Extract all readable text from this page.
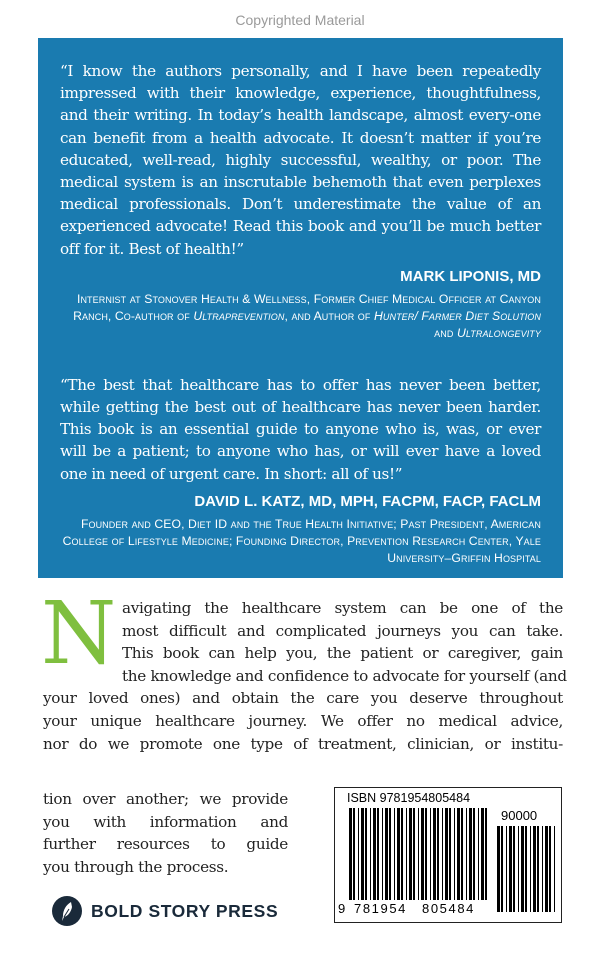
Copyrighted Material

“I know the authors personally, and I have been repeatedly impressed with their knowledge, experience, thoughtfulness, and their writing. In today’s health landscape, almost every-one can benefit from a health advocate. It doesn’t matter if you’re educated, well-read, highly successful, wealthy, or poor. The medical system is an inscrutable behemoth that even perplexes medical professionals. Don’t underestimate the value of an experienced advocate! Read this book and you’ll be much better off for it. Best of health!”

MARK LIPONIS, MD
Internist at Stonover Health & Wellness, Former Chief Medical Officer at Canyon Ranch, Co-author of Ultraprevention, and Author of Hunter/ Farmer Diet Solution and Ultralongevity

“The best that healthcare has to offer has never been better, while getting the best out of healthcare has never been harder. This book is an essential guide to anyone who is, was, or ever will be a patient; to anyone who has, or will ever have a loved one in need of urgent care. In short: all of us!”

DAVID L. KATZ, MD, MPH, FACPM, FACP, FACLM
Founder and CEO, Diet ID and the True Health Initiative; Past President, American College of Lifestyle Medicine; Founding Director, Prevention Research Center, Yale University–Griffin Hospital
N avigating the healthcare system can be one of the
most difficult and complicated journeys you can take.
This book can help you, the patient or caregiver, gain
the knowledge and confidence to advocate for yourself (and
your loved ones) and obtain the care you deserve throughout
your unique healthcare journey. We offer no medical advice,
nor do we promote one type of treatment, clinician, or institu-
tion over another; we provide
you with information and
further resources to guide
you through the process.
ISBN 9781954805484
90000
9 781954	805484
BOLD STORY PRESS
